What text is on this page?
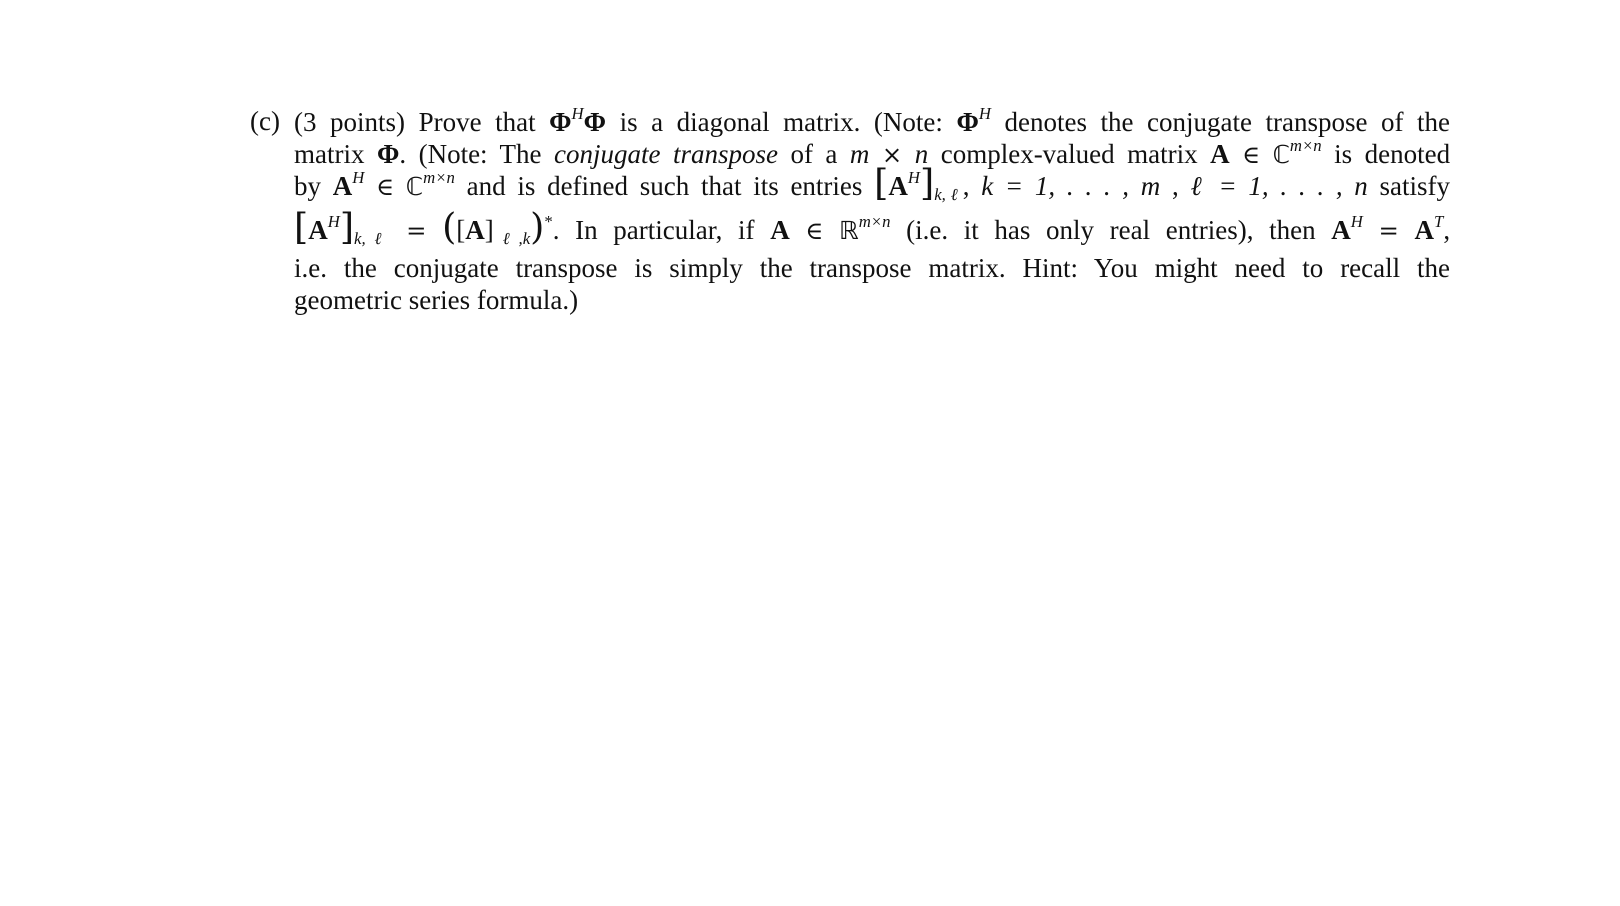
(c) (3 points) Prove that $\Phi^H\Phi$ is a diagonal matrix. (Note: $\Phi^H$ denotes the conjugate transpose of the
matrix Φ. (Note: The conjugate transpose of a m × n complex-valued matrix A ∈ ℂ$^{m\times n}$ is denoted
by $A^H$ ∈ ℂ$^{m\times n}$ and is defined such that its entries $[A^H]_{k,\ell}$, k = 1, . . . , m , ℓ = 1, . . . , n satisfy
$[A^H]_{k,\ell} = ([A]_{\ell,k})^*$. In particular, if A ∈ ℝ$^{m\times n}$ (i.e. it has only real entries), then $A^H = A^T$,
i.e. the conjugate transpose is simply the transpose matrix. Hint: You might need to recall the
geometric series formula.)
